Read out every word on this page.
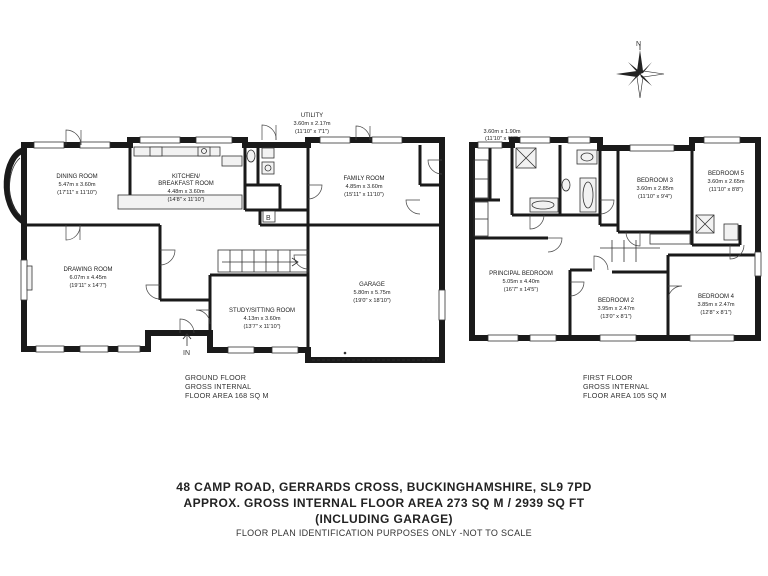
IN
B
DINING ROOM
5.47m x 3.60m
(17'11" x 11'10")
KITCHEN/
BREAKFAST ROOM
4.48m x 3.60m
(14'8" x 11'10")
UTILITY
3.60m x 2.17m
(11'10" x 7'1")
FAMILY ROOM
4.85m x 3.60m
(15'11" x 11'10")
DRAWING ROOM
6.07m x 4.45m
(19'11" x 14'7")	GARAGE
5.80m x 5.75m
(19'0" x 18'10")
STUDY/SITTING ROOM
4.13m x 3.60m
(13'7" x 11'10")
3.60m x 1.90m
(11'10" x 6'3")
BEDROOM 3
3.60m x 2.85m
(11'10" x 9'4")
BEDROOM 5
3.60m x 2.65m
(11'10" x 8'8")
PRINCIPAL BEDROOM
5.05m x 4.40m
(16'7" x 14'5")
BEDROOM 2
3.95m x 2.47m
(13'0" x 8'1")
BEDROOM 4
3.85m x 2.47m
(12'8" x 8'1")
N
GROUND FLOOR
GROSS INTERNAL
FLOOR AREA 168 SQ M
FIRST FLOOR
GROSS INTERNAL
FLOOR AREA 105 SQ M
48 CAMP ROAD, GERRARDS CROSS, BUCKINGHAMSHIRE, SL9 7PD
APPROX. GROSS INTERNAL FLOOR AREA 273 SQ M / 2939 SQ FT
(INCLUDING GARAGE)
FLOOR PLAN IDENTIFICATION PURPOSES ONLY -NOT TO SCALE
